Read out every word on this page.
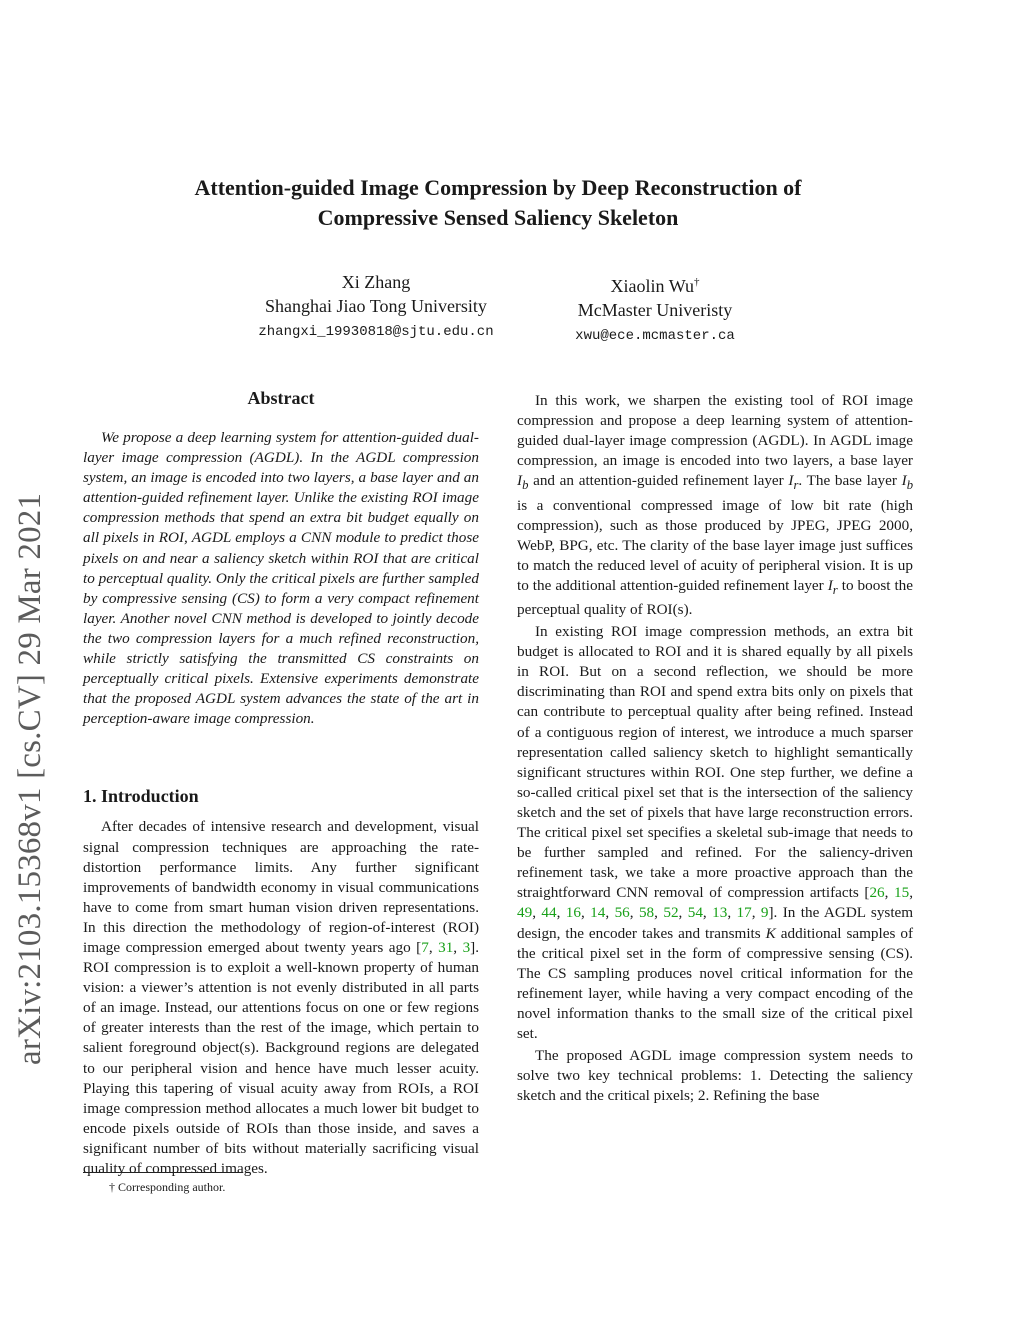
arXiv:2103.15368v1 [cs.CV] 29 Mar 2021
Attention-guided Image Compression by Deep Reconstruction of
Compressive Sensed Saliency Skeleton
Xi Zhang
Shanghai Jiao Tong University
zhangxi_19930818@sjtu.edu.cn
Xiaolin Wu†
McMaster Univeristy
xwu@ece.mcmaster.ca
Abstract

We propose a deep learning system for attention-guided dual-layer image compression (AGDL). In the AGDL compression system, an image is encoded into two layers, a base layer and an attention-guided refinement layer. Unlike the existing ROI image compression methods that spend an extra bit budget equally on all pixels in ROI, AGDL employs a CNN module to predict those pixels on and near a saliency sketch within ROI that are critical to perceptual quality. Only the critical pixels are further sampled by compressive sensing (CS) to form a very compact refinement layer. Another novel CNN method is developed to jointly decode the two compression layers for a much refined reconstruction, while strictly satisfying the transmitted CS constraints on perceptually critical pixels. Extensive experiments demonstrate that the proposed AGDL system advances the state of the art in perception-aware image compression.

1. Introduction

After decades of intensive research and development, visual signal compression techniques are approaching the rate-distortion performance limits. Any further significant improvements of bandwidth economy in visual communications have to come from smart human vision driven representations. In this direction the methodology of region-of-interest (ROI) image compression emerged about twenty years ago [7, 31, 3]. ROI compression is to exploit a well-known property of human vision: a viewer’s attention is not evenly distributed in all parts of an image. Instead, our attentions focus on one or few regions of greater interests than the rest of the image, which pertain to salient foreground object(s). Background regions are delegated to our peripheral vision and hence have much lesser acuity. Playing this tapering of visual acuity away from ROIs, a ROI image compression method allocates a much lower bit budget to encode pixels outside of ROIs than those inside, and saves a significant number of bits without materially sacrificing visual quality of compressed images.

In this work, we sharpen the existing tool of ROI image compression and propose a deep learning system of attention-guided dual-layer image compression (AGDL). In AGDL image compression, an image is encoded into two layers, a base layer $I_b$ and an attention-guided refinement layer $I_r$. The base layer $I_b$ is a conventional compressed image of low bit rate (high compression), such as those produced by JPEG, JPEG 2000, WebP, BPG, etc. The clarity of the base layer image just suffices to match the reduced level of acuity of peripheral vision. It is up to the additional attention-guided refinement layer $I_r$ to boost the perceptual quality of ROI(s).

In existing ROI image compression methods, an extra bit budget is allocated to ROI and it is shared equally by all pixels in ROI. But on a second reflection, we should be more discriminating than ROI and spend extra bits only on pixels that can contribute to perceptual quality after being refined. Instead of a contiguous region of interest, we introduce a much sparser representation called saliency sketch to highlight semantically significant structures within ROI. One step further, we define a so-called critical pixel set that is the intersection of the saliency sketch and the set of pixels that have large reconstruction errors. The critical pixel set specifies a skeletal sub-image that needs to be further sampled and refined. For the saliency-driven refinement task, we take a more proactive approach than the straightforward CNN removal of compression artifacts [26, 15, 49, 44, 16, 14, 56, 58, 52, 54, 13, 17, 9]. In the AGDL system design, the encoder takes and transmits K additional samples of the critical pixel set in the form of compressive sensing (CS). The CS sampling produces novel critical information for the refinement layer, while having a very compact encoding of the novel information thanks to the small size of the critical pixel set.

The proposed AGDL image compression system needs to solve two key technical problems: 1. Detecting the saliency sketch and the critical pixels; 2. Refining the base

† Corresponding author.
